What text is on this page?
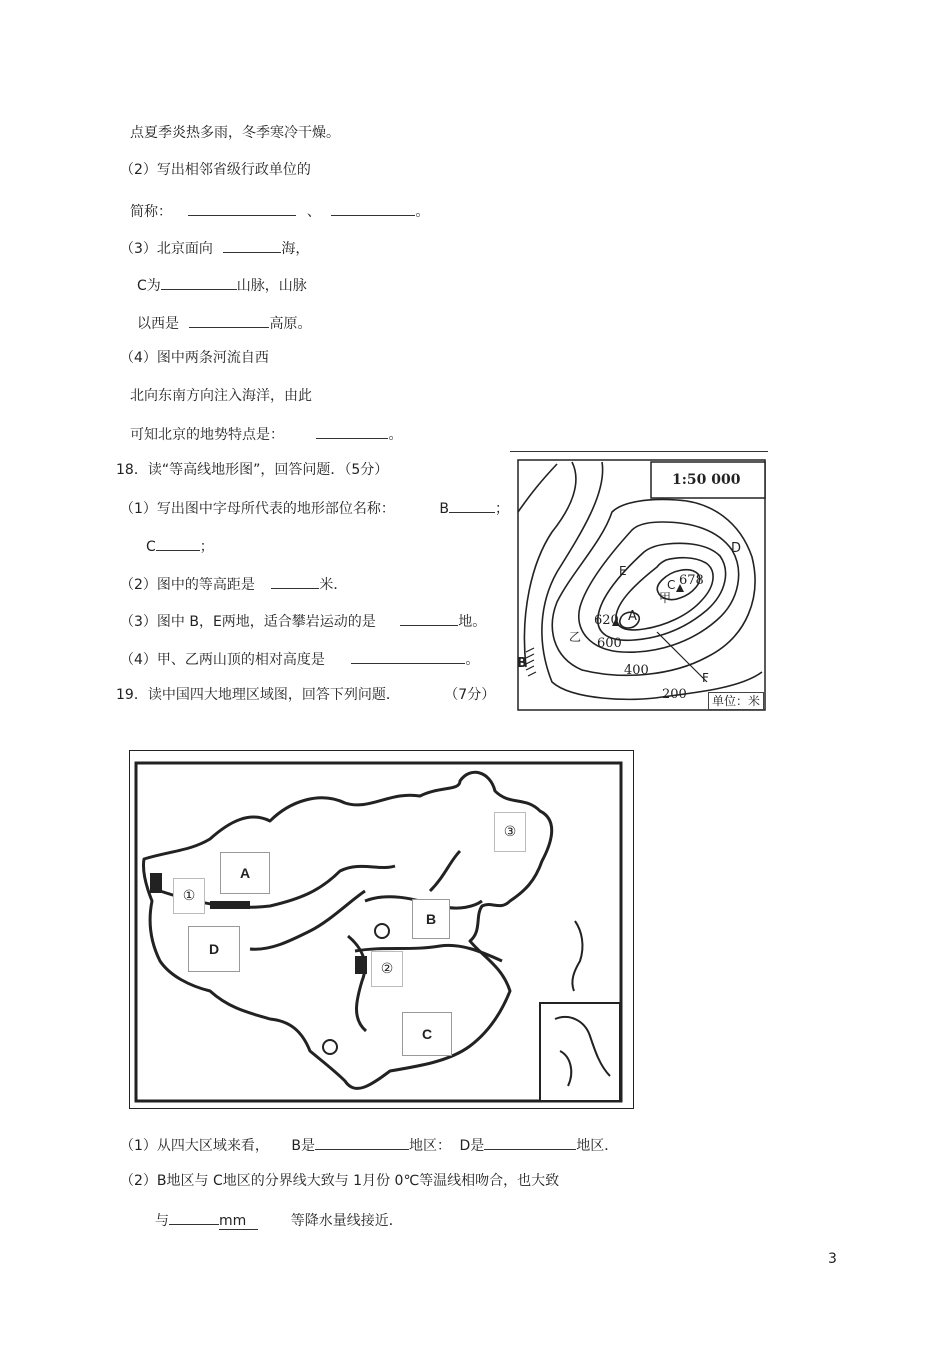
点夏季炎热多雨，冬季寒冷干燥。
（2）写出相邻省级行政单位的
简称：	、	。
（3）北京面向	海，
C为	山脉，山脉
以西是	高原。
（4）图中两条河流自西
北向东南方向注入海洋，由此
可知北京的地势特点是：	。
18．读“等高线地形图”，回答问题．（5分）
（1）写出图中字母所代表的地形部位名称：	B	；
C	；
（2）图中的等高距是	米．
（3）图中 B，E两地，适合攀岩运动的是	地。
（4）甲、乙两山顶的相对高度是	。
19．读中国四大地理区域图，回答下列问题．	（7分）
1:50 000
D
E
C 678
甲
A
620
乙 600
B	400	F
200	单位：米
A
B
C
D
①
②
③
（1）从四大区域来看， B是	地区： D是	地区．
（2）B地区与 C地区的分界线大致与 1月份 0℃等温线相吻合，也大致
与	mm	等降水量线接近．
3
